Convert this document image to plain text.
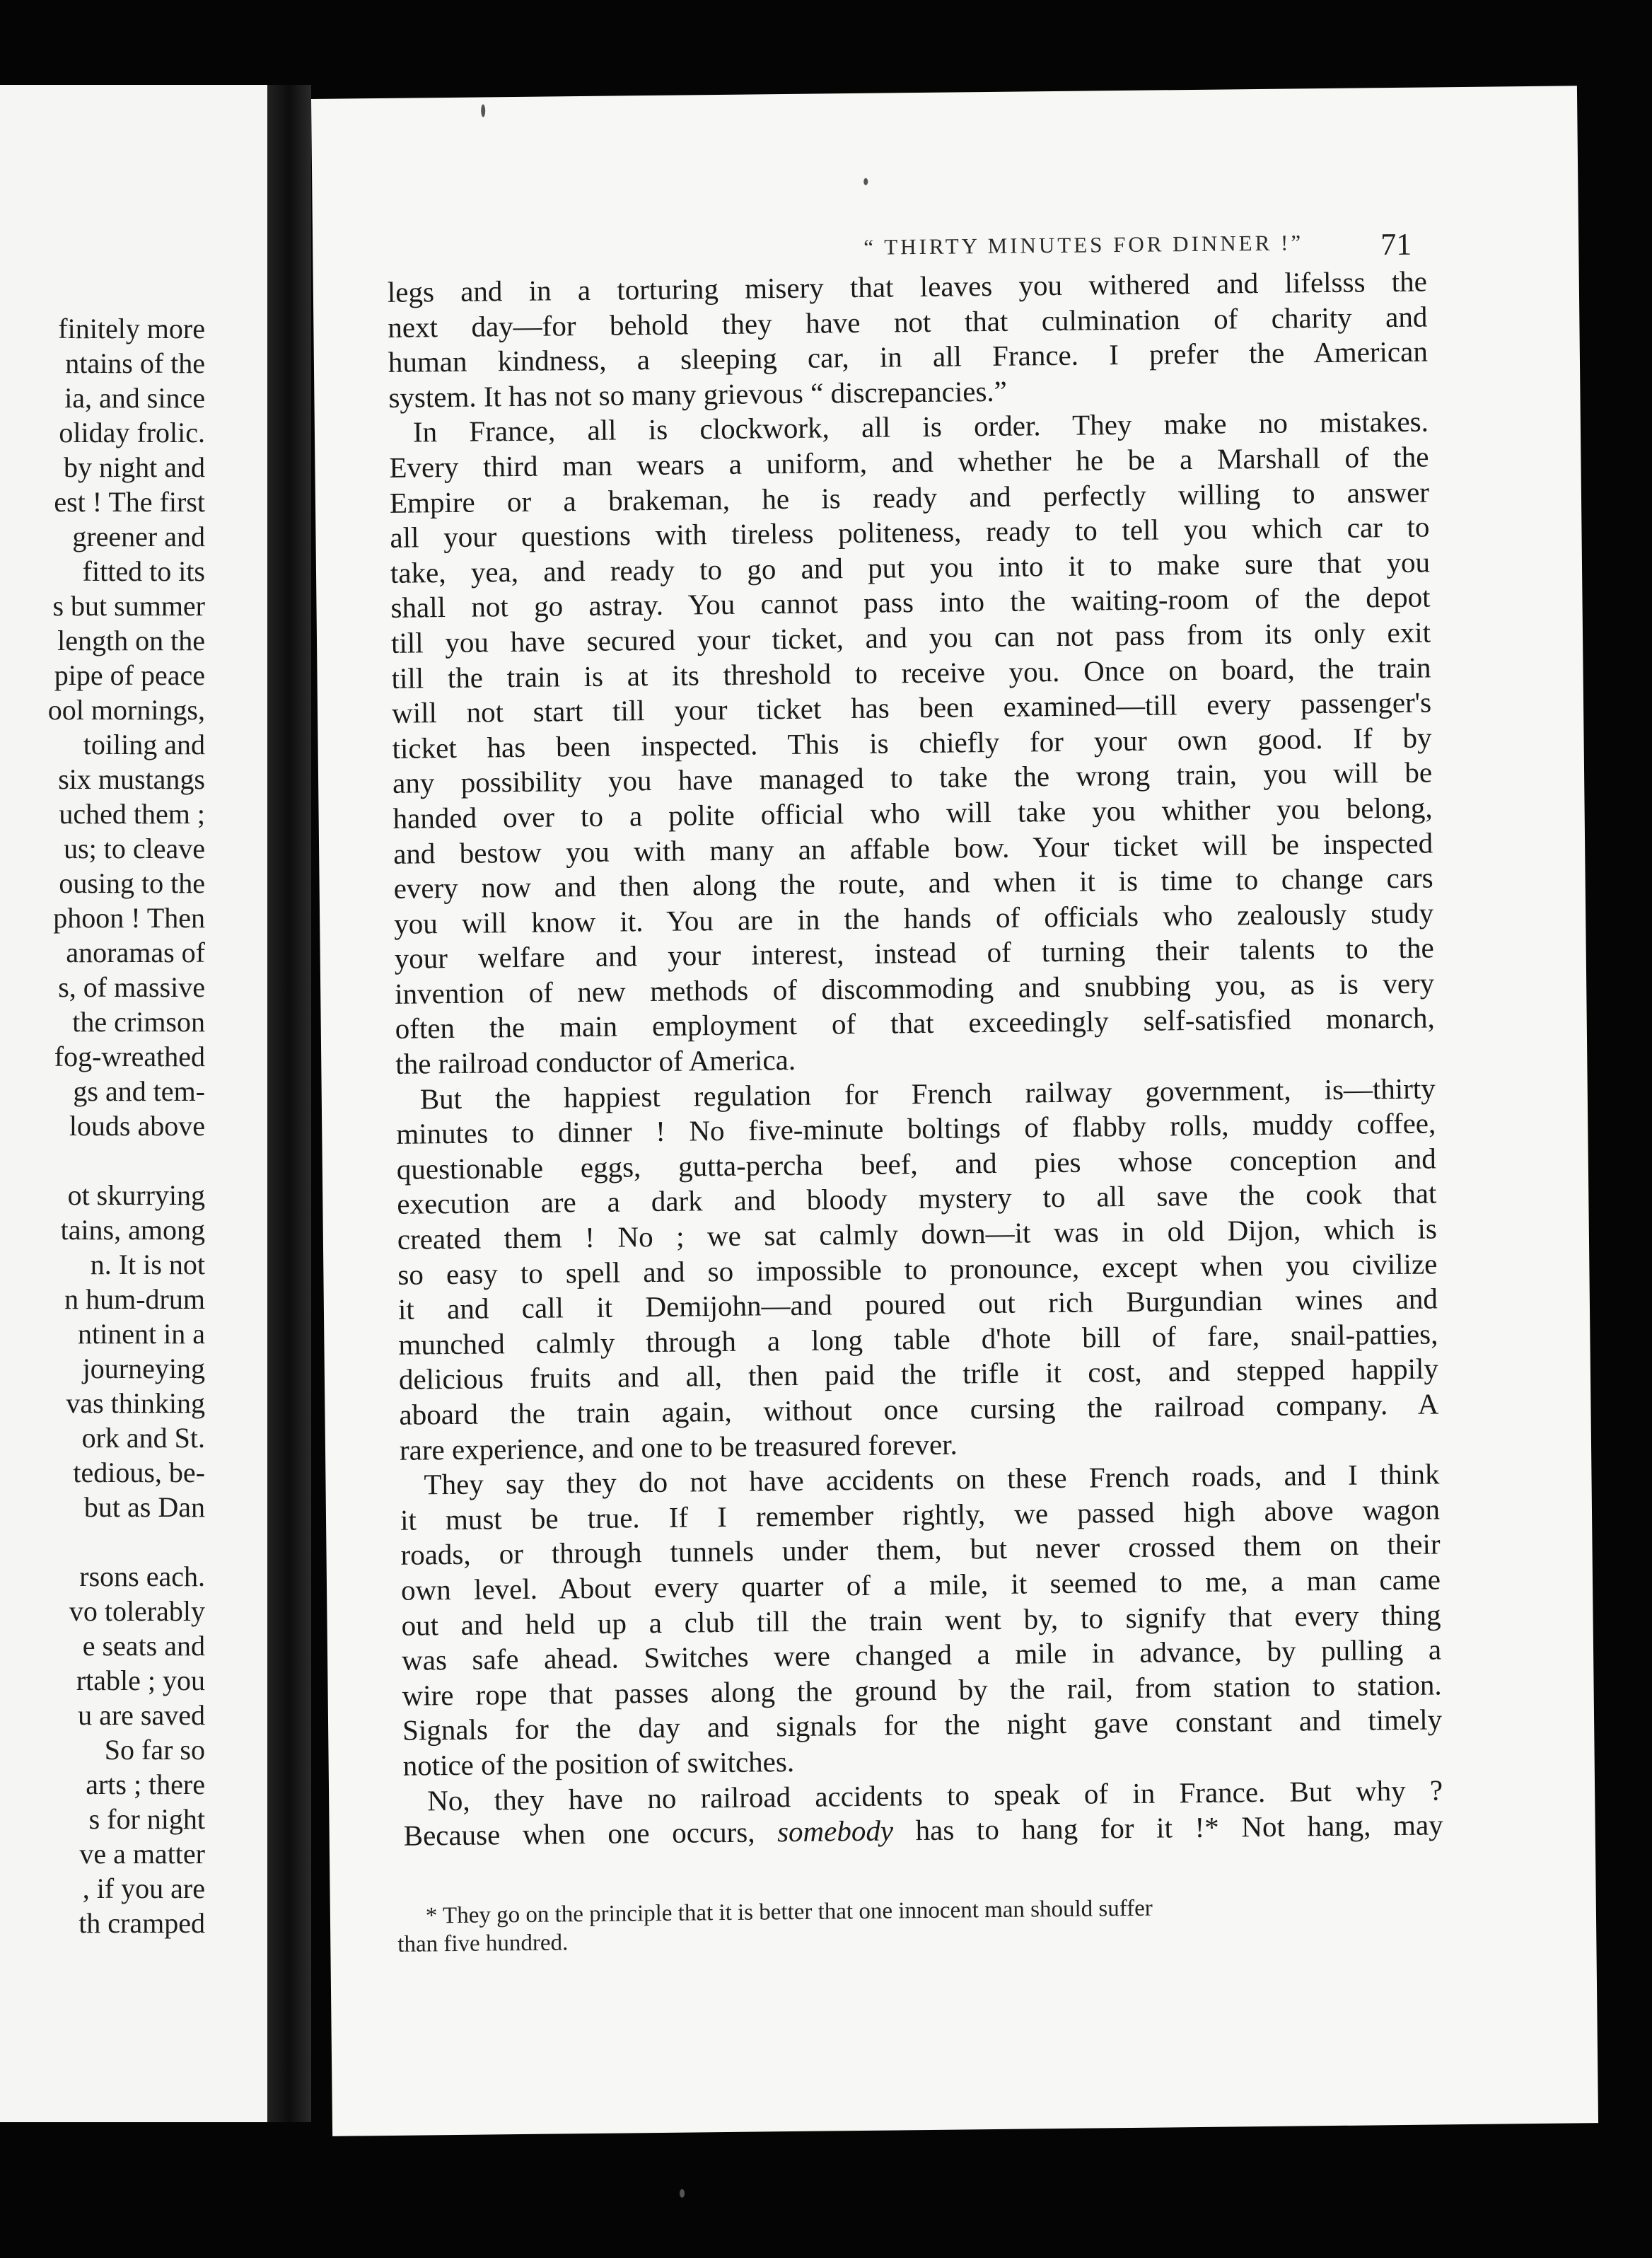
finitely more
ntains of the
ia, and since
oliday frolic.
by night and
est ! The first
greener and
fitted to its
s but summer
length on the
pipe of peace
ool mornings,
toiling and
six mustangs
uched them ;
us; to cleave
ousing to the
phoon ! Then
anoramas of
s, of massive
the crimson
fog-wreathed
gs and tem-
louds above
ot skurrying
tains, among
n. It is not
n hum-drum
ntinent in a
journeying
vas thinking
ork and St.
tedious, be-
but as Dan
rsons each.
vo tolerably
e seats and
rtable ; you
u are saved
So far so
arts ; there
s for night
ve a matter
, if you are
th cramped
“ THIRTY MINUTES FOR DINNER !”	71
legs and in a torturing misery that leaves you withered and lifelsss the
next day—for behold they have not that culmination of charity and
human kindness, a sleeping car, in all France. I prefer the American
system. It has not so many grievous “ discrepancies.”
In France, all is clockwork, all is order. They make no mistakes.
Every third man wears a uniform, and whether he be a Marshall of the
Empire or a brakeman, he is ready and perfectly willing to answer
all your questions with tireless politeness, ready to tell you which car to
take, yea, and ready to go and put you into it to make sure that you
shall not go astray. You cannot pass into the waiting-room of the depot
till you have secured your ticket, and you can not pass from its only exit
till the train is at its threshold to receive you. Once on board, the train
will not start till your ticket has been examined—till every passenger's
ticket has been inspected. This is chiefly for your own good. If by
any possibility you have managed to take the wrong train, you will be
handed over to a polite official who will take you whither you belong,
and bestow you with many an affable bow. Your ticket will be inspected
every now and then along the route, and when it is time to change cars
you will know it. You are in the hands of officials who zealously study
your welfare and your interest, instead of turning their talents to the
invention of new methods of discommoding and snubbing you, as is very
often the main employment of that exceedingly self-satisfied monarch,
the railroad conductor of America.
But the happiest regulation for French railway government, is—thirty
minutes to dinner ! No five-minute boltings of flabby rolls, muddy coffee,
questionable eggs, gutta-percha beef, and pies whose conception and
execution are a dark and bloody mystery to all save the cook that
created them ! No ; we sat calmly down—it was in old Dijon, which is
so easy to spell and so impossible to pronounce, except when you civilize
it and call it Demijohn—and poured out rich Burgundian wines and
munched calmly through a long table d'hote bill of fare, snail-patties,
delicious fruits and all, then paid the trifle it cost, and stepped happily
aboard the train again, without once cursing the railroad company. A
rare experience, and one to be treasured forever.
They say they do not have accidents on these French roads, and I think
it must be true. If I remember rightly, we passed high above wagon
roads, or through tunnels under them, but never crossed them on their
own level. About every quarter of a mile, it seemed to me, a man came
out and held up a club till the train went by, to signify that every thing
was safe ahead. Switches were changed a mile in advance, by pulling a
wire rope that passes along the ground by the rail, from station to station.
Signals for the day and signals for the night gave constant and timely
notice of the position of switches.
No, they have no railroad accidents to speak of in France. But why ?
Because when one occurs, somebody has to hang for it !* Not hang, may
* They go on the principle that it is better that one innocent man should suffer
than five hundred.
